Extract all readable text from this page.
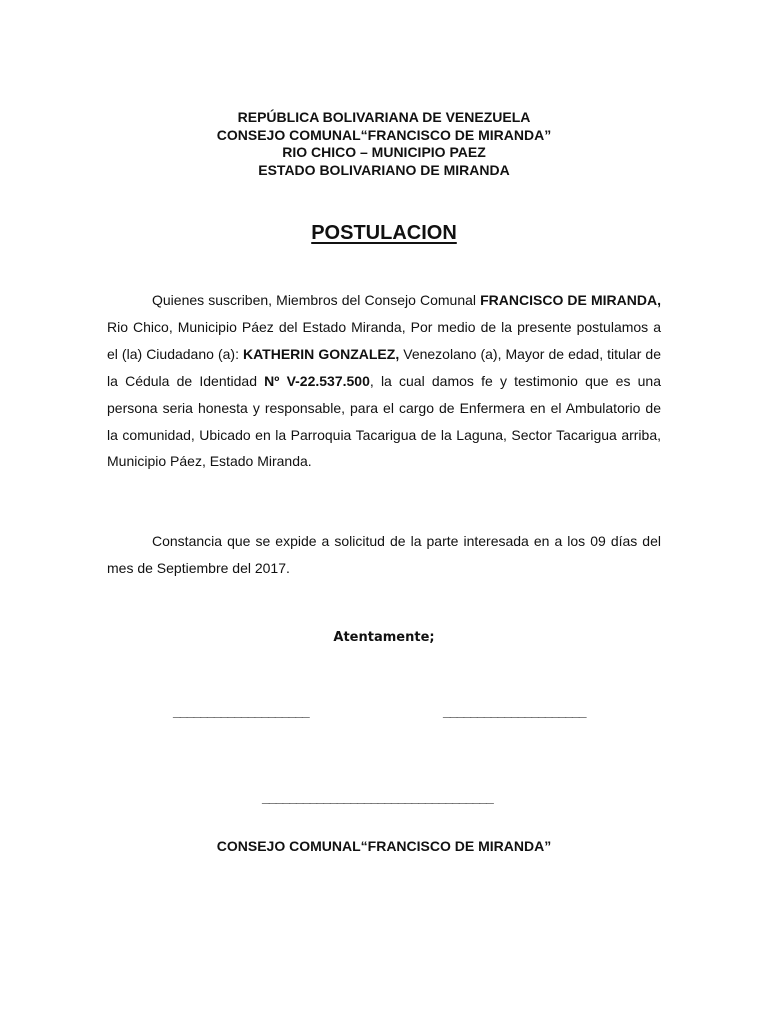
REPÚBLICA BOLIVARIANA DE VENEZUELA
CONSEJO COMUNAL“FRANCISCO DE MIRANDA”
RIO CHICO – MUNICIPIO PAEZ
ESTADO BOLIVARIANO DE MIRANDA
POSTULACION

Quienes suscriben, Miembros del Consejo Comunal FRANCISCO DE MIRANDA, Rio Chico, Municipio Páez del Estado Miranda, Por medio de la presente postulamos a el (la) Ciudadano (a): KATHERIN GONZALEZ, Venezolano (a), Mayor de edad, titular de la Cédula de Identidad Nº V-22.537.500, la cual damos fe y testimonio que es una persona seria honesta y responsable, para el cargo de Enfermera en el Ambulatorio de la comunidad, Ubicado en la Parroquia Tacarigua de la Laguna, Sector Tacarigua arriba, Municipio Páez, Estado Miranda.

Constancia que se expide a solicitud de la parte interesada en a los 09 días del mes de Septiembre del 2017.

Atentamente;
____________________	_____________________
__________________________________
CONSEJO COMUNAL“FRANCISCO DE MIRANDA”
